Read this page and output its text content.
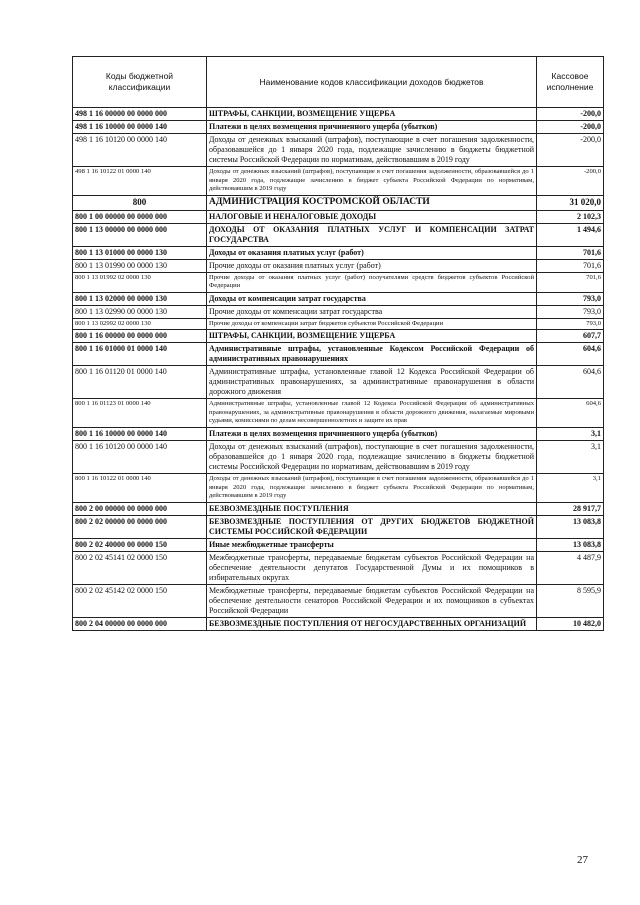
Коды бюджетной классификации	Наименование кодов классификации доходов бюджетов	Кассовое исполнение
498 1 16 00000 00 0000 000	ШТРАФЫ, САНКЦИИ, ВОЗМЕЩЕНИЕ УЩЕРБА	-200,0
498 1 16 10000 00 0000 140	Платежи в целях возмещения причиненного ущерба (убытков)	-200,0
498 1 16 10120 00 0000 140	Доходы от денежных взысканий (штрафов), поступающие в счет погашения задолженности, образовавшейся до 1 января 2020 года, подлежащие зачислению в бюджеты бюджетной системы Российской Федерации по нормативам, действовавшим в 2019 году	-200,0
498 1 16 10122 01 0000 140	Доходы от денежных взысканий (штрафов), поступающие в счет погашения задолженности, образовавшейся до 1 января 2020 года, подлежащие зачислению в бюджет субъекта Российской Федерации по нормативам, действовавшим в 2019 году	-200,0
800	АДМИНИСТРАЦИЯ КОСТРОМСКОЙ ОБЛАСТИ	31 020,0
800 1 00 00000 00 0000 000	НАЛОГОВЫЕ И НЕНАЛОГОВЫЕ ДОХОДЫ	2 102,3
800 1 13 00000 00 0000 000	ДОХОДЫ ОТ ОКАЗАНИЯ ПЛАТНЫХ УСЛУГ И КОМПЕНСАЦИИ ЗАТРАТ ГОСУДАРСТВА	1 494,6
800 1 13 01000 00 0000 130	Доходы от оказания платных услуг (работ)	701,6
800 1 13 01990 00 0000 130	Прочие доходы от оказания платных услуг (работ)	701,6
800 1 13 01992 02 0000 130	Прочие доходы от оказания платных услуг (работ) получателями средств бюджетов субъектов Российской Федерации	701,6
800 1 13 02000 00 0000 130	Доходы от компенсации затрат государства	793,0
800 1 13 02990 00 0000 130	Прочие доходы от компенсации затрат государства	793,0
800 1 13 02992 02 0000 130	Прочие доходы от компенсации затрат бюджетов субъектов Российской Федерации	793,0
800 1 16 00000 00 0000 000	ШТРАФЫ, САНКЦИИ, ВОЗМЕЩЕНИЕ УЩЕРБА	607,7
800 1 16 01000 01 0000 140	Административные штрафы, установленные Кодексом Российской Федерации об административных правонарушениях	604,6
800 1 16 01120 01 0000 140	Административные штрафы, установленные главой 12 Кодекса Российской Федерации об административных правонарушениях, за административные правонарушения в области дорожного движения	604,6
800 1 16 01123 01 0000 140	Административные штрафы, установленные главой 12 Кодекса Российской Федерации об административных правонарушениях, за административные правонарушения в области дорожного движения, налагаемые мировыми судьями, комиссиями по делам несовершеннолетних и защите их прав	604,6
800 1 16 10000 00 0000 140	Платежи в целях возмещения причиненного ущерба (убытков)	3,1
800 1 16 10120 00 0000 140	Доходы от денежных взысканий (штрафов), поступающие в счет погашения задолженности, образовавшейся до 1 января 2020 года, подлежащие зачислению в бюджеты бюджетной системы Российской Федерации по нормативам, действовавшим в 2019 году	3,1
800 1 16 10122 01 0000 140	Доходы от денежных взысканий (штрафов), поступающие в счет погашения задолженности, образовавшейся до 1 января 2020 года, подлежащие зачислению в бюджет субъекта Российской Федерации по нормативам, действовавшим в 2019 году	3,1
800 2 00 00000 00 0000 000	БЕЗВОЗМЕЗДНЫЕ ПОСТУПЛЕНИЯ	28 917,7
800 2 02 00000 00 0000 000	БЕЗВОЗМЕЗДНЫЕ ПОСТУПЛЕНИЯ ОТ ДРУГИХ БЮДЖЕТОВ БЮДЖЕТНОЙ СИСТЕМЫ РОССИЙСКОЙ ФЕДЕРАЦИИ	13 083,8
800 2 02 40000 00 0000 150	Иные межбюджетные трансферты	13 083,8
800 2 02 45141 02 0000 150	Межбюджетные трансферты, передаваемые бюджетам субъектов Российской Федерации на обеспечение деятельности депутатов Государственной Думы и их помощников в избирательных округах	4 487,9
800 2 02 45142 02 0000 150	Межбюджетные трансферты, передаваемые бюджетам субъектов Российской Федерации на обеспечение деятельности сенаторов Российской Федерации и их помощников в субъектах Российской Федерации	8 595,9
800 2 04 00000 00 0000 000	БЕЗВОЗМЕЗДНЫЕ ПОСТУПЛЕНИЯ ОТ НЕГОСУДАРСТВЕННЫХ ОРГАНИЗАЦИЙ	10 482,0
27
